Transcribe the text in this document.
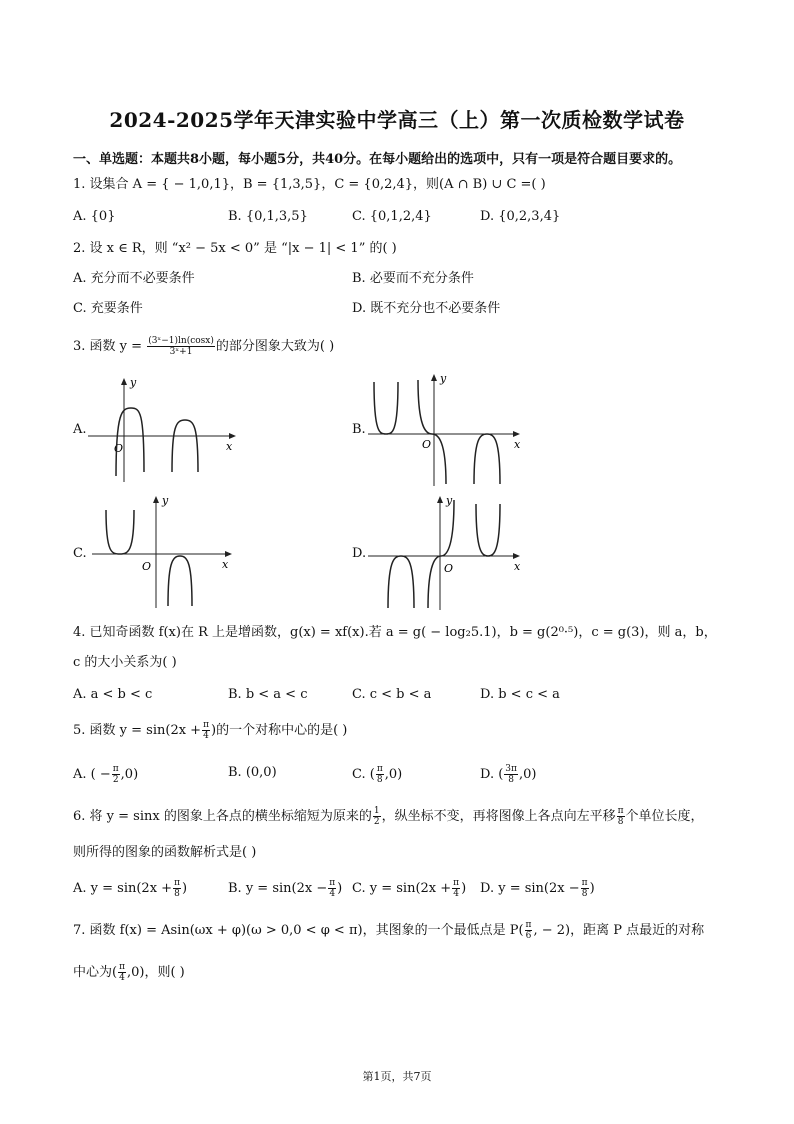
2024-2025学年天津实验中学高三（上）第一次质检数学试卷
一、单选题：本题共8小题，每小题5分，共40分。在每小题给出的选项中，只有一项是符合题目要求的。
1. 设集合 A = { − 1,0,1}，B = {1,3,5}，C = {0,2,4}，则(A ∩ B) ∪ C =( )
A. {0}	B. {0,1,3,5}	C. {0,1,2,4}	D. {0,2,3,4}
2. 设 x ∈ R，则 “x² − 5x < 0” 是 “|x − 1| < 1” 的( )
A. 充分而不必要条件	B. 必要而不充分条件
C. 充要条件	D. 既不充分也不必要条件
3. 函数 $y = \frac{\text{(3ˣ−1)ln(cosx)}}{\text{3ˣ+1}}$ 的部分图象大致为( )
A.
y
x
O
B.
y
x
O
C.
y
x
O
D.
y
x
O
4. 已知奇函数 f(x)在 R 上是增函数，g(x) = xf(x).若 a = g( − log₂5.1)，b = g(2⁰·⁵)，c = g(3)，则 a，b，
c 的大小关系为( )
A. a < b < c	B. b < a < c	C. c < b < a	D. b < c < a
5. 函数 $y = \sin(2x + \frac{\pi}{4}$ )的一个对称中心的是( )
A. ( − $\frac{\pi}{2} ,0$)	B. (0,0)	C. ( $\frac{\pi}{8} ,0$)	D. ( $\frac{3\pi}{8} ,0$)
6. 将 y = sinx 的图象上各点的横坐标缩短为原来的 $\frac{1}{2}$ ，纵坐标不变，再将图像上各点向左平移 $\frac{\pi}{8}$ 个单位长度，
则所得的图象的函数解析式是( )
A. $y = \sin(2x + \frac{\pi}{8}$ )	B. $y = \sin(2x - \frac{\pi}{4}$ ) C. $y = \sin(2x + \frac{\pi}{4}$ ) D. $y = \sin(2x - \frac{\pi}{8}$ )
7. 函数 f(x) = Asin(ωx + φ)(ω > 0,0 < φ < π)，其图象的一个最低点是 $P( \frac{\pi}{6}$ , − 2)，距离 P 点最近的对称
中心为( $\frac{\pi}{4} ,0$)，则( )
第1页，共7页
